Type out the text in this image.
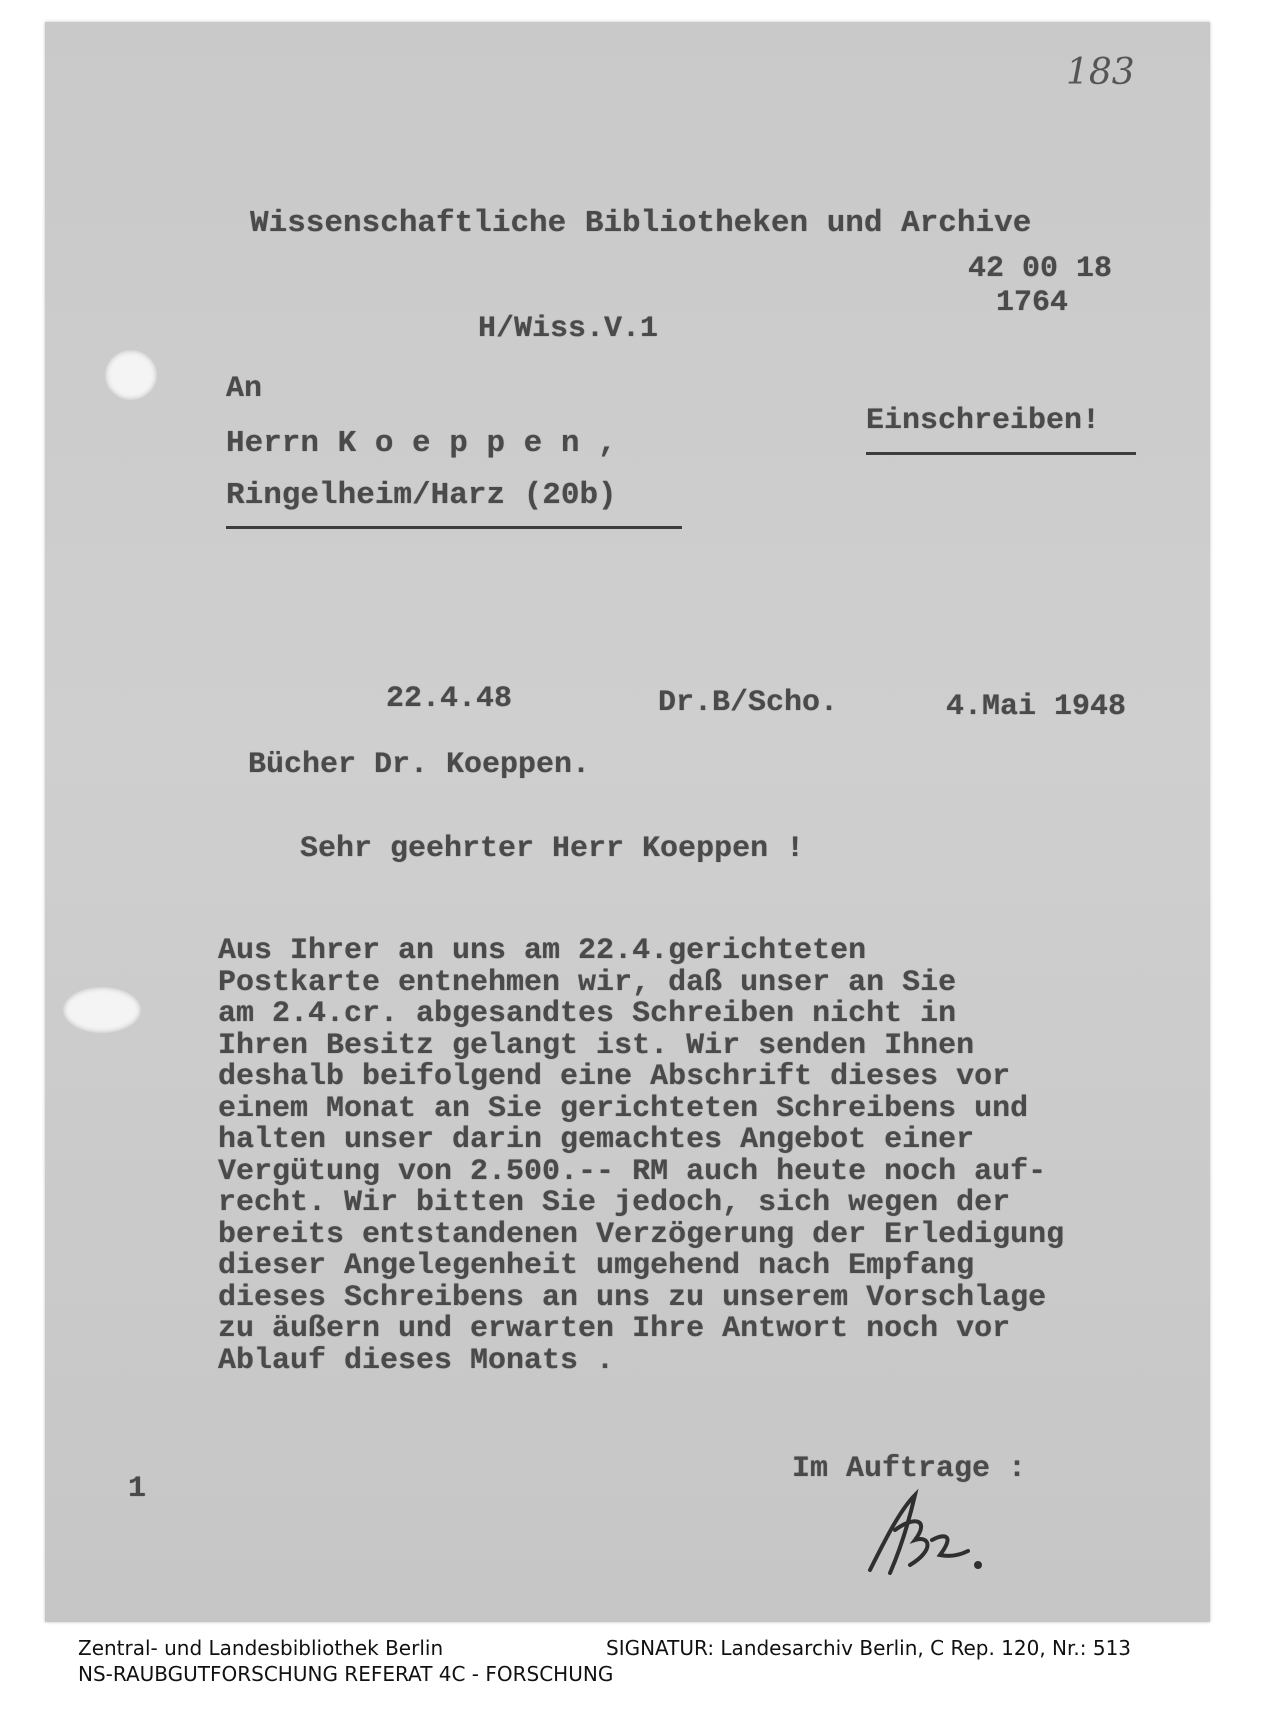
183
Wissenschaftliche Bibliotheken und Archive
42 00 18
1764
H/Wiss.V.1
An
Herrn K o e p p e n ,
Ringelheim/Harz (20b)
Einschreiben!
22.4.48	Dr.B/Scho.	4.Mai 1948
Bücher Dr. Koeppen.
Sehr geehrter Herr Koeppen !
Aus Ihrer an uns am 22.4.gerichteten
Postkarte entnehmen wir, daß unser an Sie
am 2.4.cr. abgesandtes Schreiben nicht in
Ihren Besitz gelangt ist. Wir senden Ihnen
deshalb beifolgend eine Abschrift dieses vor
einem Monat an Sie gerichteten Schreibens und
halten unser darin gemachtes Angebot einer
Vergütung von 2.500.-- RM auch heute noch auf-
recht. Wir bitten Sie jedoch, sich wegen der
bereits entstandenen Verzögerung der Erledigung
dieser Angelegenheit umgehend nach Empfang
dieses Schreibens an uns zu unserem Vorschlage
zu äußern und erwarten Ihre Antwort noch vor
Ablauf dieses Monats .
Im Auftrage :
1
Zentral- und Landesbibliothek Berlin	SIGNATUR: Landesarchiv Berlin, C Rep. 120, Nr.: 513
NS-RAUBGUTFORSCHUNG REFERAT 4C - FORSCHUNG
